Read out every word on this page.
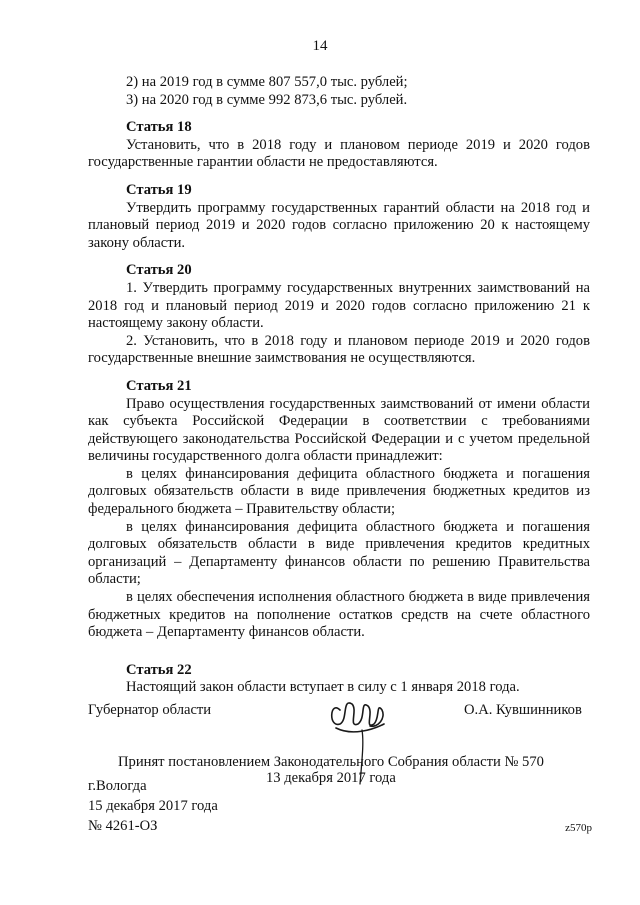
14

2) на 2019 год в сумме 807 557,0 тыс. рублей;

3) на 2020 год в сумме 992 873,6 тыс. рублей.

Статья 18

Установить, что в 2018 году и плановом периоде 2019 и 2020 годов государственные гарантии области не предоставляются.

Статья 19

Утвердить программу государственных гарантий области на 2018 год и плановый период 2019 и 2020 годов согласно приложению 20 к настоящему закону области.

Статья 20

1. Утвердить программу государственных внутренних заимствований на 2018 год и плановый период 2019 и 2020 годов согласно приложению 21 к настоящему закону области.

2. Установить, что в 2018 году и плановом периоде 2019 и 2020 годов государственные внешние заимствования не осуществляются.

Статья 21

Право осуществления государственных заимствований от имени области как субъекта Российской Федерации в соответствии с требованиями действующего законодательства Российской Федерации и с учетом предельной величины государственного долга области принадлежит:

в целях финансирования дефицита областного бюджета и погашения долговых обязательств области в виде привлечения бюджетных кредитов из федерального бюджета – Правительству области;

в целях финансирования дефицита областного бюджета и погашения долговых обязательств области в виде привлечения кредитов кредитных организаций – Департаменту финансов области по решению Правительства области;

в целях обеспечения исполнения областного бюджета в виде привлечения бюджетных кредитов на пополнение остатков средств на счете областного бюджета – Департаменту финансов области.

Статья 22

Настоящий закон области вступает в силу с 1 января 2018 года.

Губернатор области	О.А. Кувшинников
Принят постановлением Законодательного Собрания области № 570
13 декабря 2017 года
г.Вологда
15 декабря 2017 года
№ 4261-ОЗ	z570р
